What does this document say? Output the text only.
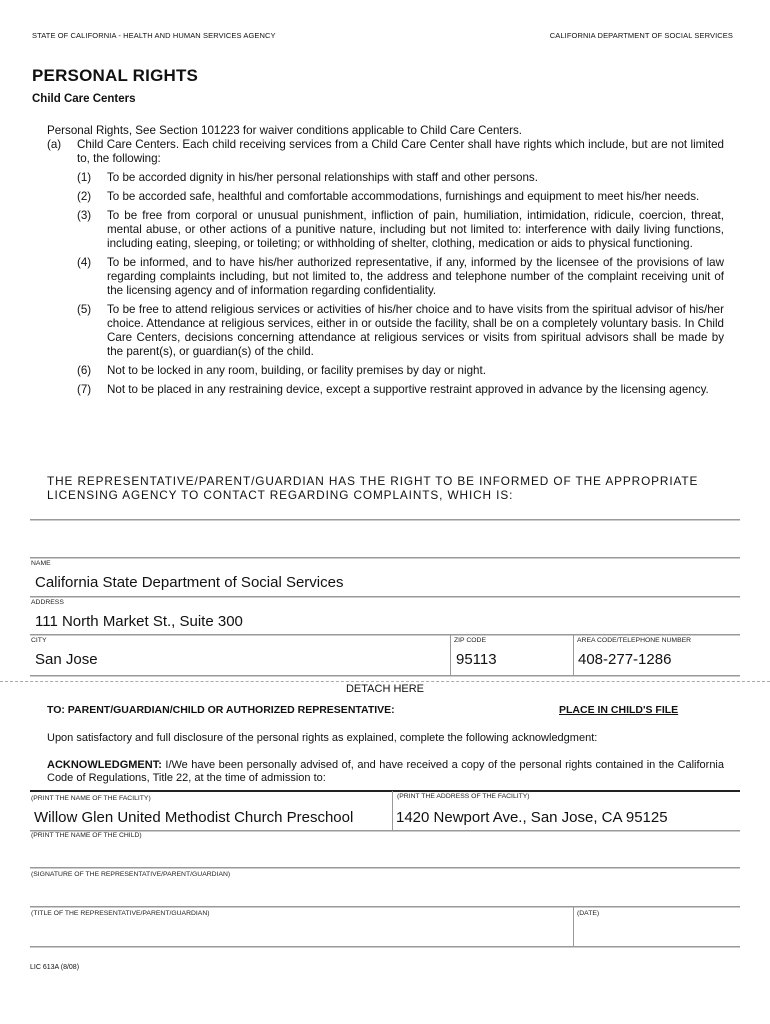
STATE OF CALIFORNIA - HEALTH AND HUMAN SERVICES AGENCY	CALIFORNIA DEPARTMENT OF SOCIAL SERVICES
PERSONAL RIGHTS
Child Care Centers
Personal Rights, See Section 101223 for waiver conditions applicable to Child Care Centers.
(a) Child Care Centers. Each child receiving services from a Child Care Center shall have rights which include, but are not limited to, the following:
(1)	To be accorded dignity in his/her personal relationships with staff and other persons.
(2)	To be accorded safe, healthful and comfortable accommodations, furnishings and equipment to meet his/her needs.
(3)	To be free from corporal or unusual punishment, infliction of pain, humiliation, intimidation, ridicule, coercion, threat, mental abuse, or other actions of a punitive nature, including but not limited to: interference with daily living functions, including eating, sleeping, or toileting; or withholding of shelter, clothing, medication or aids to physical functioning.
(4)	To be informed, and to have his/her authorized representative, if any, informed by the licensee of the provisions of law regarding complaints including, but not limited to, the address and telephone number of the complaint receiving unit of the licensing agency and of information regarding confidentiality.
(5)	To be free to attend religious services or activities of his/her choice and to have visits from the spiritual advisor of his/her choice. Attendance at religious services, either in or outside the facility, shall be on a completely voluntary basis. In Child Care Centers, decisions concerning attendance at religious services or visits from spiritual advisors shall be made by the parent(s), or guardian(s) of the child.
(6)	Not to be locked in any room, building, or facility premises by day or night.
(7)	Not to be placed in any restraining device, except a supportive restraint approved in advance by the licensing agency.
THE REPRESENTATIVE/PARENT/GUARDIAN HAS THE RIGHT TO BE INFORMED OF THE APPROPRIATE LICENSING AGENCY TO CONTACT REGARDING COMPLAINTS, WHICH IS:
NAME
California State Department of Social Services
ADDRESS
111 North Market St., Suite 300
CITY
San Jose
ZIP CODE
95113
AREA CODE/TELEPHONE NUMBER
408-277-1286
DETACH HERE
TO: PARENT/GUARDIAN/CHILD OR AUTHORIZED REPRESENTATIVE:	PLACE IN CHILD'S FILE
Upon satisfactory and full disclosure of the personal rights as explained, complete the following acknowledgment:
ACKNOWLEDGMENT: I/We have been personally advised of, and have received a copy of the personal rights contained in the California Code of Regulations, Title 22, at the time of admission to:
(PRINT THE NAME OF THE FACILITY)
Willow Glen United Methodist Church Preschool
(PRINT THE ADDRESS OF THE FACILITY)
1420 Newport Ave., San Jose, CA 95125
(PRINT THE NAME OF THE CHILD)
(SIGNATURE OF THE REPRESENTATIVE/PARENT/GUARDIAN)
(TITLE OF THE REPRESENTATIVE/PARENT/GUARDIAN)	(DATE)
LIC 613A (8/08)
